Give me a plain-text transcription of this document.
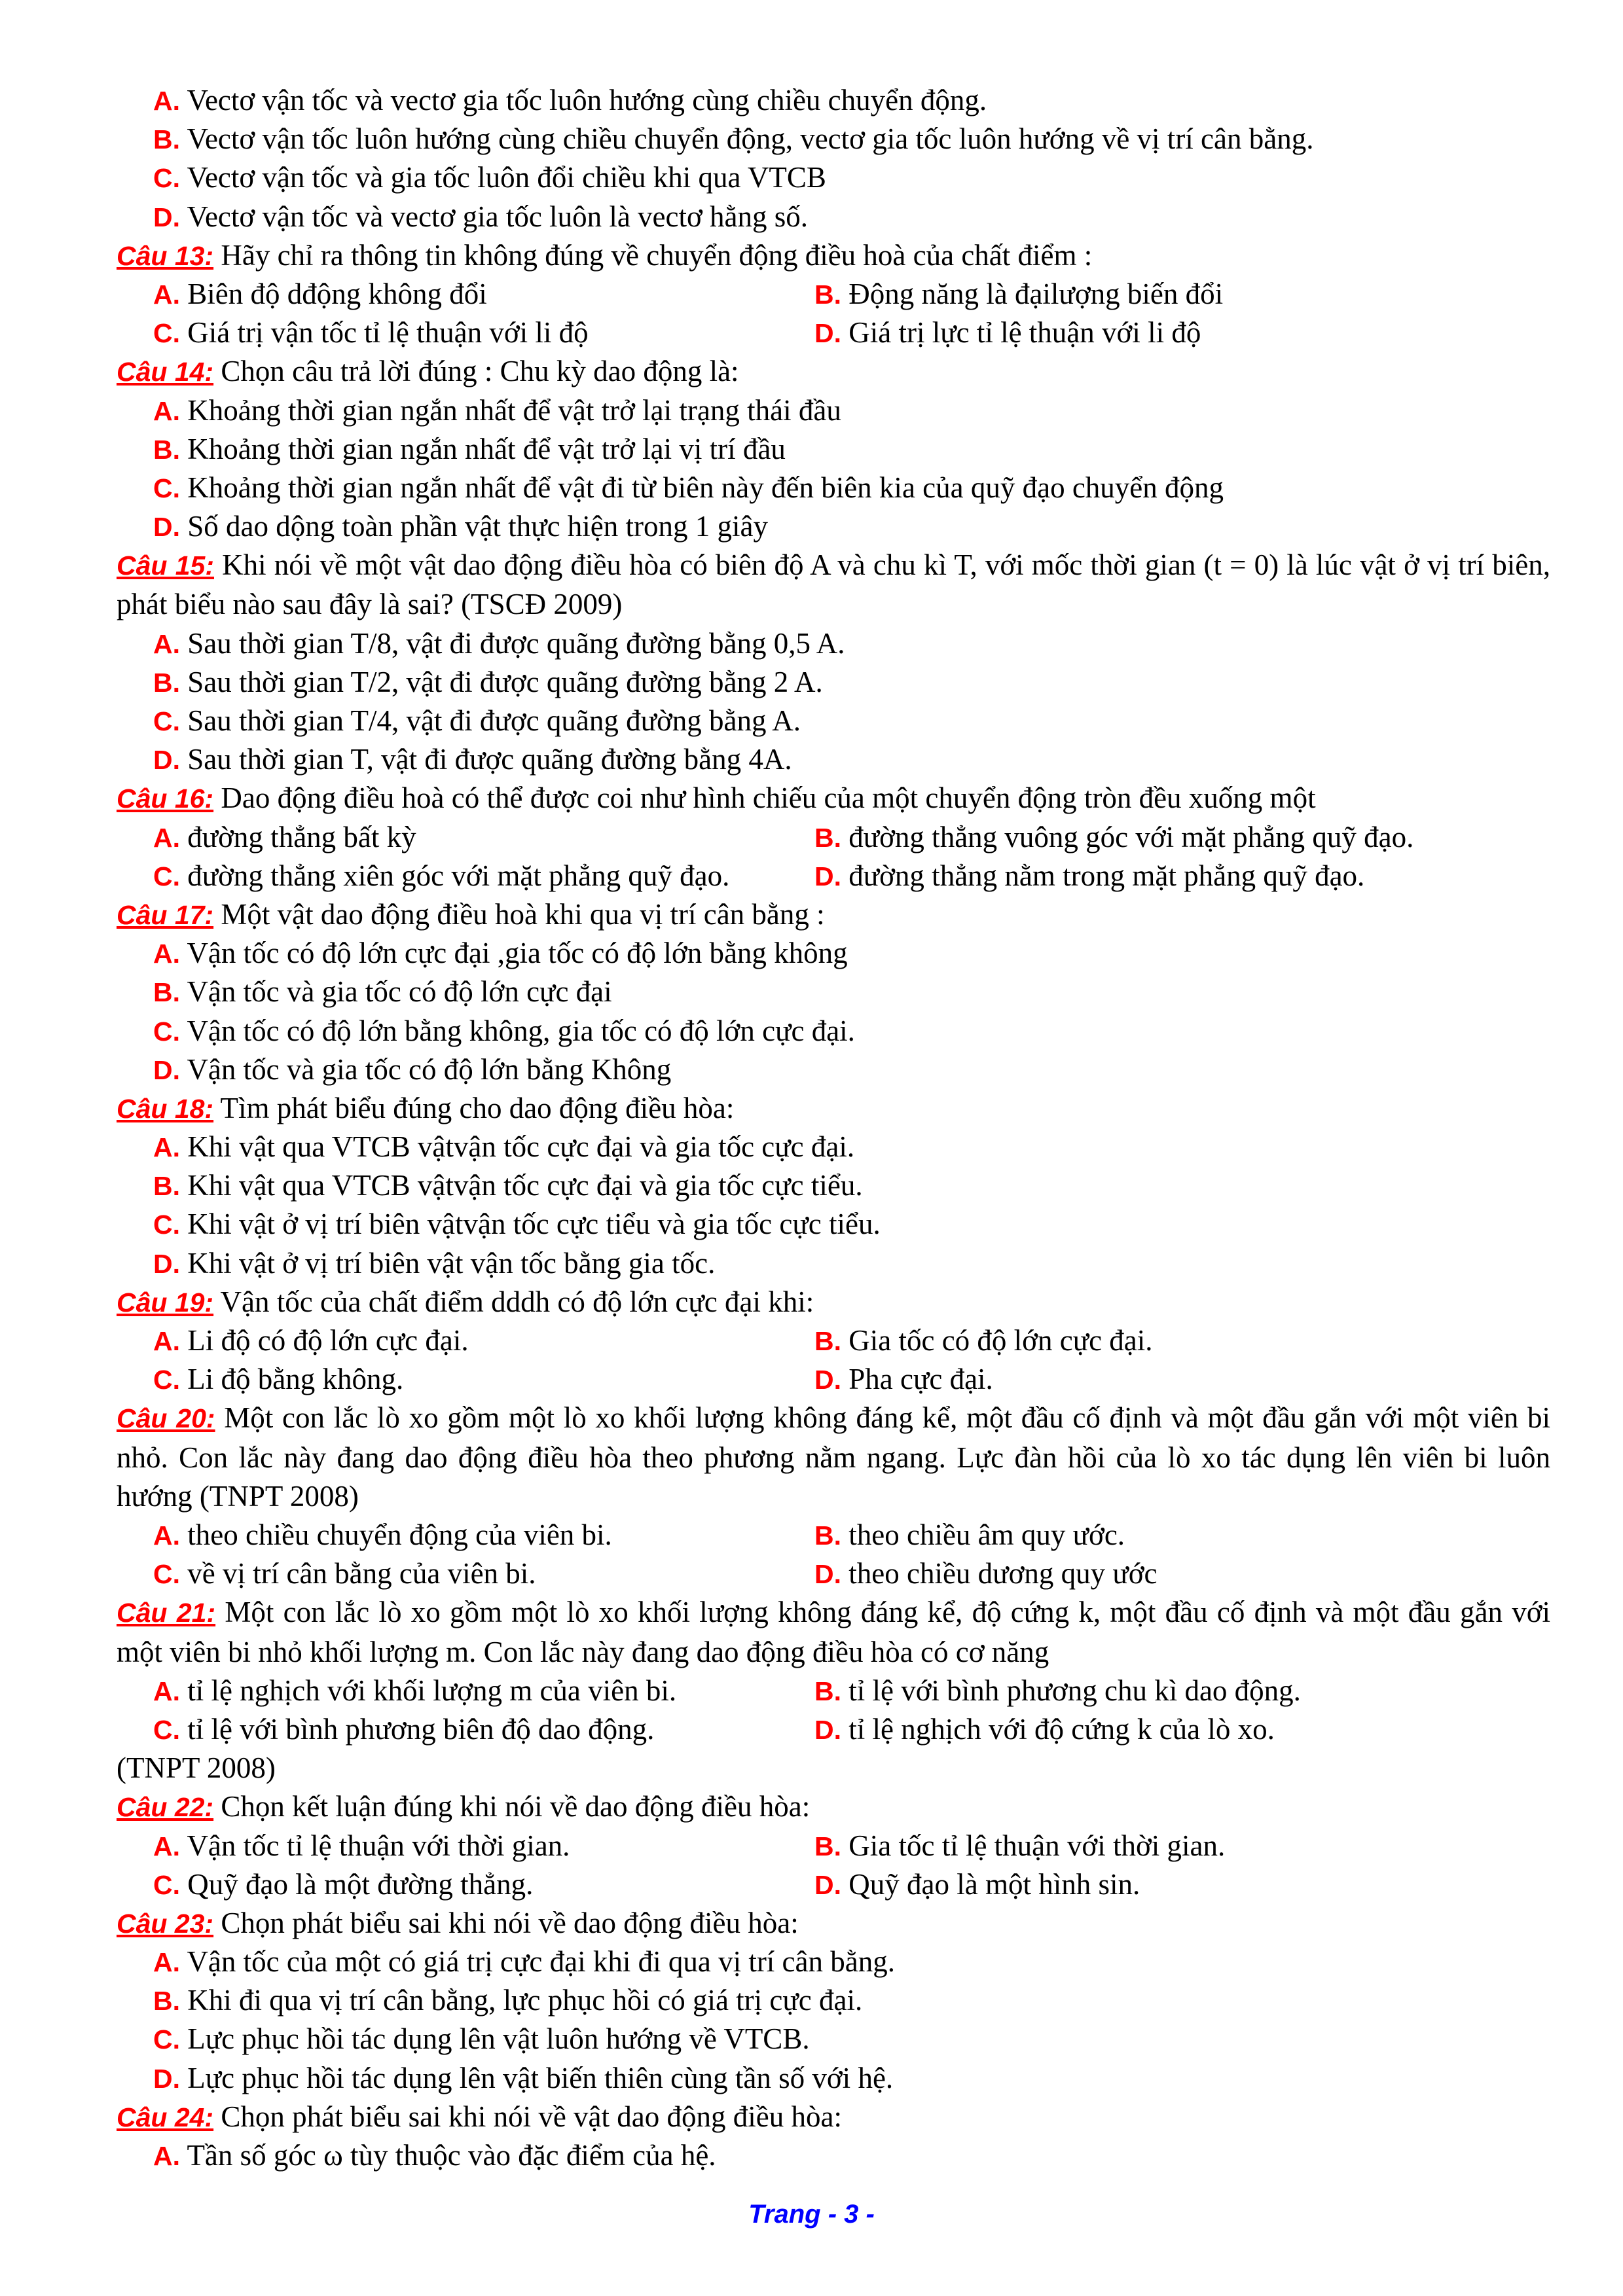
A. Vectơ vận tốc và vectơ gia tốc luôn hướng cùng chiều chuyển động.
B. Vectơ vận tốc luôn hướng cùng chiều chuyển động, vectơ gia tốc luôn hướng về vị trí cân bằng.
C. Vectơ vận tốc và gia tốc luôn đổi chiều khi qua VTCB
D. Vectơ vận tốc và vectơ gia tốc luôn là vectơ hằng số.
Câu 13: Hãy chỉ ra thông tin không đúng về chuyển động điều hoà của chất điểm :
A. Biên độ dđộng không đổi	B. Động năng là đạilượng biến đổi
C. Giá trị vận tốc tỉ lệ thuận với li độ	D. Giá trị lực tỉ lệ thuận với li độ
Câu 14: Chọn câu trả lời đúng : Chu kỳ dao động là:
A. Khoảng thời gian ngắn nhất để vật trở lại trạng thái đầu
B. Khoảng thời gian ngắn nhất để vật trở lại vị trí đầu
C. Khoảng thời gian ngắn nhất để vật đi từ biên này đến biên kia của quỹ đạo chuyển động
D. Số dao dộng toàn phần vật thực hiện trong 1 giây
Câu 15: Khi nói về một vật dao động điều hòa có biên độ A và chu kì T, với mốc thời gian (t = 0) là lúc vật ở vị trí biên, phát biểu nào sau đây là sai? (TSCĐ 2009)
A. Sau thời gian T/8, vật đi được quãng đường bằng 0,5 A.
B. Sau thời gian T/2, vật đi được quãng đường bằng 2 A.
C. Sau thời gian T/4, vật đi được quãng đường bằng A.
D. Sau thời gian T, vật đi được quãng đường bằng 4A.
Câu 16: Dao động điều hoà có thể được coi như hình chiếu của một chuyển động tròn đều xuống một
A. đường thẳng bất kỳ	B. đường thẳng vuông góc với mặt phẳng quỹ đạo.
C. đường thẳng xiên góc với mặt phẳng quỹ đạo.	D. đường thẳng nằm trong mặt phẳng quỹ đạo.
Câu 17: Một vật dao động điều hoà khi qua vị trí cân bằng :
A. Vận tốc có độ lớn cực đại ,gia tốc có độ lớn bằng không
B. Vận tốc và gia tốc có độ lớn cực đại
C. Vận tốc có độ lớn bằng không, gia tốc có độ lớn cực đại.
D. Vận tốc và gia tốc có độ lớn bằng Không
Câu 18: Tìm phát biểu đúng cho dao động điều hòa:
A. Khi vật qua VTCB vậtvận tốc cực đại và gia tốc cực đại.
B. Khi vật qua VTCB vậtvận tốc cực đại và gia tốc cực tiểu.
C. Khi vật ở vị trí biên vậtvận tốc cực tiểu và gia tốc cực tiểu.
D. Khi vật ở vị trí biên vật vận tốc bằng gia tốc.
Câu 19: Vận tốc của chất điểm dddh có độ lớn cực đại khi:
A. Li độ có độ lớn cực đại.	B. Gia tốc có độ lớn cực đại.
C. Li độ bằng không.	D. Pha cực đại.
Câu 20: Một con lắc lò xo gồm một lò xo khối lượng không đáng kể, một đầu cố định và một đầu gắn với một viên bi nhỏ. Con lắc này đang dao động điều hòa theo phương nằm ngang. Lực đàn hồi của lò xo tác dụng lên viên bi luôn hướng (TNPT 2008)
A. theo chiều chuyển động của viên bi.	B. theo chiều âm quy ước.
C. về vị trí cân bằng của viên bi.	D. theo chiều dương quy ước
Câu 21: Một con lắc lò xo gồm một lò xo khối lượng không đáng kể, độ cứng k, một đầu cố định và một đầu gắn với một viên bi nhỏ khối lượng m. Con lắc này đang dao động điều hòa có cơ năng
A. tỉ lệ nghịch với khối lượng m của viên bi.	B. tỉ lệ với bình phương chu kì dao động.
C. tỉ lệ với bình phương biên độ dao động.	D. tỉ lệ nghịch với độ cứng k của lò xo.
(TNPT 2008)
Câu 22: Chọn kết luận đúng khi nói về dao động điều hòa:
A. Vận tốc tỉ lệ thuận với thời gian.	B. Gia tốc tỉ lệ thuận với thời gian.
C. Quỹ đạo là một đường thẳng.	D. Quỹ đạo là một hình sin.
Câu 23: Chọn phát biểu sai khi nói về dao động điều hòa:
A. Vận tốc của một có giá trị cực đại khi đi qua vị trí cân bằng.
B. Khi đi qua vị trí cân bằng, lực phục hồi có giá trị cực đại.
C. Lực phục hồi tác dụng lên vật luôn hướng về VTCB.
D. Lực phục hồi tác dụng lên vật biến thiên cùng tần số với hệ.
Câu 24: Chọn phát biểu sai khi nói về vật dao động điều hòa:
A. Tần số góc ω tùy thuộc vào đặc điểm của hệ.
Trang - 3 -
